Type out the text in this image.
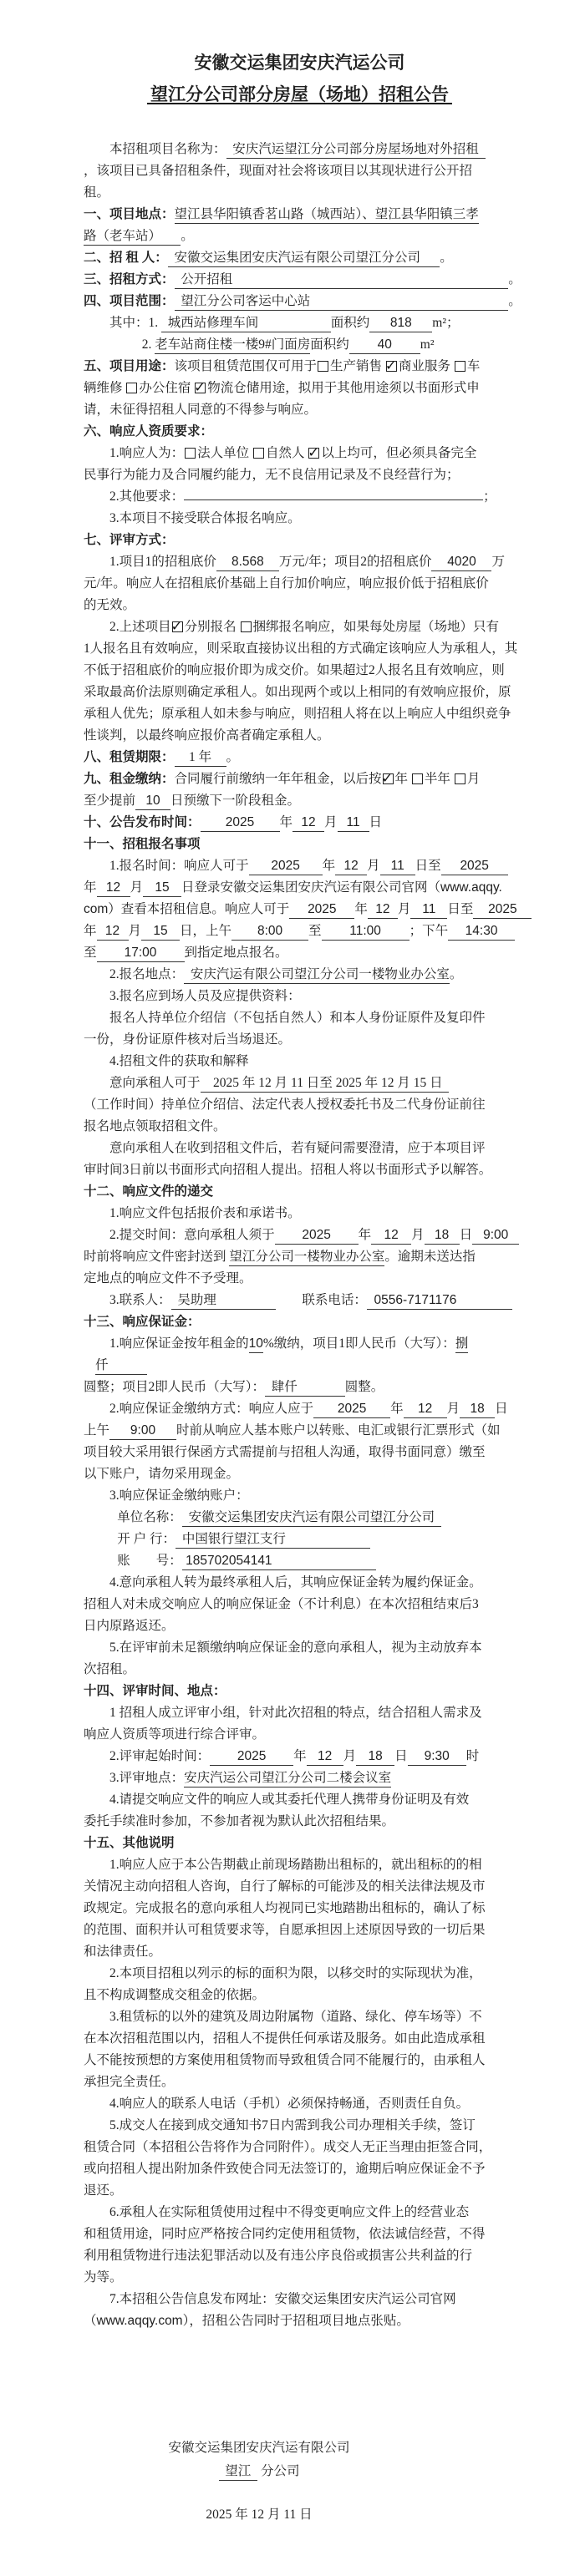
安徽交运集团安庆汽运公司
望江分公司部分房屋（场地）招租公告
本招租项目名称为： 安庆汽运望江分公司部分房屋场地对外招租
，该项目已具备招租条件，现面对社会将该项目以其现状进行公开招
租。
一、项目地点：望江县华阳镇香茗山路（城西站）、望江县华阳镇三孝
路（老车站） 。
二、招 租 人： 安徽交运集团安庆汽运有限公司望江分公司 。
三、招租方式： 公开招租	。
四、项目范围： 望江分公司客运中心站	。
其中：1. 城西站修理车间	面积约 818 m²；
2. 老车站商住楼一楼9#门面房面积约 40 m²
五、项目用途：该项目租赁范围仅可用于 生产销售  ✓商业服务 车
辆维修 办公住宿  ✓物流仓储用途，拟用于其他用途须以书面形式申
请，未征得招租人同意的不得参与响应。
六、响应人资质要求：
1.响应人为： 法人单位 自然人  ✓以上均可，但必须具备完全
民事行为能力及合同履约能力，无不良信用记录及不良经营行为；
2.其他要求：	；
3.本项目不接受联合体报名响应。
七、评审方式：
1.项目1的招租底价 8.568 万元/年；项目2的招租底价 4020 万
元/年。响应人在招租底价基础上自行加价响应，响应报价低于招租底价
的无效。
2.上述项目 ✓ 分别报名 捆绑报名响应，如果每处房屋（场地）只有
1人报名且有效响应，则采取直接协议出租的方式确定该响应人为承租人，其
不低于招租底价的响应报价即为成交价。如果超过2人报名且有效响应，则
采取最高价法原则确定承租人。如出现两个或以上相同的有效响应报价，原
承租人优先；原承租人如未参与响应，则招租人将在以上响应人中组织竞争
性谈判，以最终响应报价高者确定承租人。
八、租赁期限： 1 年 。
九、租金缴纳：合同履行前缴纳一年年租金，以后按 ✓ 年 半年 月
至少提前 10 日预缴下一阶段租金。
十、公告发布时间： 2025 年 12 月 11 日
十一、招租报名事项
1.报名时间：响应人可于 2025 年 12 月 11 日至 2025
年 12 月 15 日登录安徽交运集团安庆汽运有限公司官网（www.aqqy.
com）查看本招租信息。响应人可于 2025 年 12 月 11 日至 2025
年 12 月 15 日，上午 8:00 至 11:00 ；下午 14:30
至 17:00 到指定地点报名。
2.报名地点： 安庆汽运有限公司望江分公司一楼物业办公室。
3.报名应到场人员及应提供资料：
报名人持单位介绍信（不包括自然人）和本人身份证原件及复印件
一份，身份证原件核对后当场退还。
4.招租文件的获取和解释
意向承租人可于 2025 年 12 月 11 日至 2025 年 12 月 15 日
（工作时间）持单位介绍信、法定代表人授权委托书及二代身份证前往
报名地点领取招租文件。
意向承租人在收到招租文件后，若有疑问需要澄清，应于本项目评
审时间3日前以书面形式向招租人提出。招租人将以书面形式予以解答。
十二、响应文件的递交
1.响应文件包括报价表和承诺书。
2.提交时间：意向承租人须于 2025 年 12 月 18 日 9:00
时前将响应文件密封送到 望江分公司一楼物业办公室。逾期未送达指
定地点的响应文件不予受理。
3.联系人： 吴助理　　	联系电话： 0556-7171176
十三、响应保证金：
1.响应保证金按年租金的10%缴纳，项目1即人民币（大写）：捌
仟
圆整；项目2即人民币（大写）： 肆仟	圆整。
2.响应保证金缴纳方式：响应人应于 2025 年 12 月 18 日
上午 9:00 时前从响应人基本账户以转账、电汇或银行汇票形式（如
项目较大采用银行保函方式需提前与招租人沟通，取得书面同意）缴至
以下账户，请勿采用现金。
3.响应保证金缴纳账户：
单位名称： 安徽交运集团安庆汽运有限公司望江分公司
开 户 行： 中国银行望江支行
账　　号： 185702054141
4.意向承租人转为最终承租人后，其响应保证金转为履约保证金。
招租人对未成交响应人的响应保证金（不计利息）在本次招租结束后3
日内原路返还。
5.在评审前未足额缴纳响应保证金的意向承租人，视为主动放弃本
次招租。
十四、评审时间、地点：
1 招租人成立评审小组，针对此次招租的特点，结合招租人需求及
响应人资质等项进行综合评审。
2.评审起始时间： 2025 年 12 月 18 日 9:30 时
3.评审地点：安庆汽运公司望江分公司二楼会议室
4.请提交响应文件的响应人或其委托代理人携带身份证明及有效
委托手续准时参加，不参加者视为默认此次招租结果。
十五、其他说明
1.响应人应于本公告期截止前现场踏勘出租标的，就出租标的的相
关情况主动向招租人咨询，自行了解标的可能涉及的相关法律法规及市
政规定。完成报名的意向承租人均视同已实地踏勘出租标的，确认了标
的范围、面积并认可租赁要求等，自愿承担因上述原因导致的一切后果
和法律责任。
2.本项目招租以列示的标的面积为限，以移交时的实际现状为准，
且不构成调整成交租金的依据。
3.租赁标的以外的建筑及周边附属物（道路、绿化、停车场等）不
在本次招租范围以内，招租人不提供任何承诺及服务。如由此造成承租
人不能按预想的方案使用租赁物而导致租赁合同不能履行的，由承租人
承担完全责任。
4.响应人的联系人电话（手机）必须保持畅通，否则责任自负。
5.成交人在接到成交通知书7日内需到我公司办理相关手续，签订
租赁合同（本招租公告将作为合同附件）。成交人无正当理由拒签合同，
或向招租人提出附加条件致使合同无法签订的，逾期后响应保证金不予
退还。
6.承租人在实际租赁使用过程中不得变更响应文件上的经营业态
和租赁用途，同时应严格按合同约定使用租赁物，依法诚信经营，不得
利用租赁物进行违法犯罪活动以及有违公序良俗或损害公共利益的行
为等。
7.本招租公告信息发布网址：安徽交运集团安庆汽运公司官网
（www.aqqy.com），招租公告同时于招租项目地点张贴。
安徽交运集团安庆汽运有限公司
望江 分公司
2025 年 12 月 11 日
